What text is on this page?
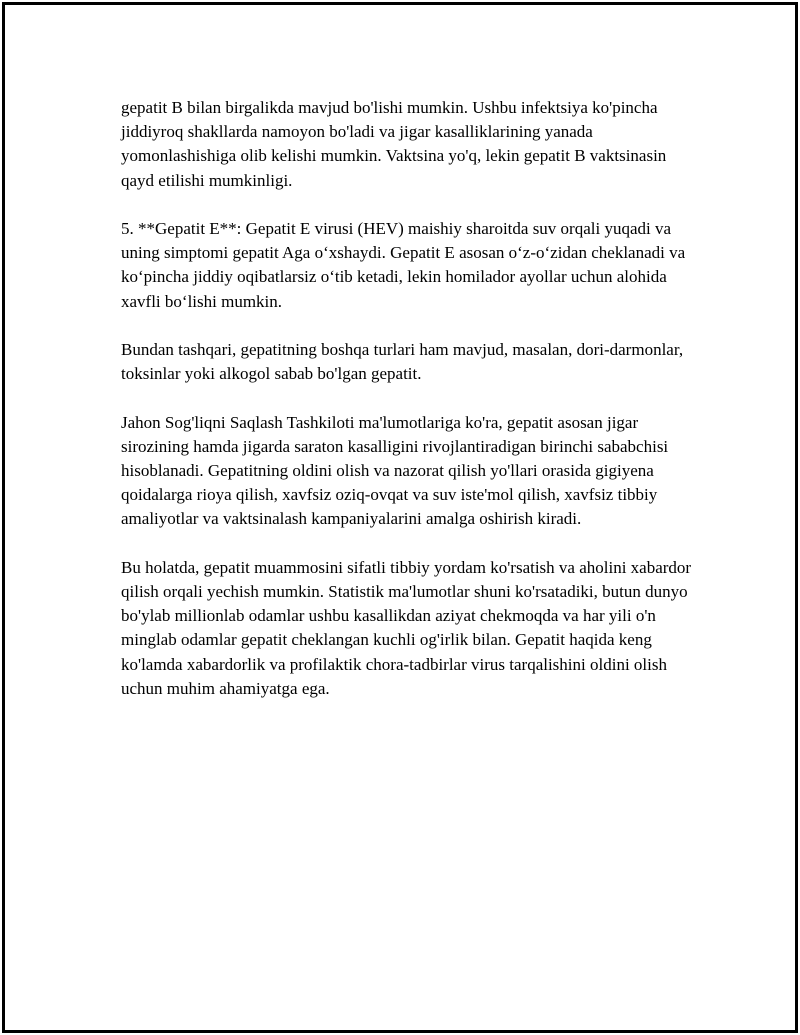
gepatit B bilan birgalikda mavjud bo'lishi mumkin. Ushbu infektsiya ko'pincha jiddiyroq shakllarda namoyon bo'ladi va jigar kasalliklarining yanada yomonlashishiga olib kelishi mumkin. Vaktsina yo'q, lekin gepatit B vaktsinasin qayd etilishi mumkinligi.

5. **Gepatit E**: Gepatit E virusi (HEV) maishiy sharoitda suv orqali yuqadi va uning simptomi gepatit Aga o‘xshaydi. Gepatit E asosan o‘z-o‘zidan cheklanadi va ko‘pincha jiddiy oqibatlarsiz o‘tib ketadi, lekin homilador ayollar uchun alohida xavfli bo‘lishi mumkin.

Bundan tashqari, gepatitning boshqa turlari ham mavjud, masalan, dori-darmonlar, toksinlar yoki alkogol sabab bo'lgan gepatit.

Jahon Sog'liqni Saqlash Tashkiloti ma'lumotlariga ko'ra, gepatit asosan jigar sirozining hamda jigarda saraton kasalligini rivojlantiradigan birinchi sababchisi hisoblanadi. Gepatitning oldini olish va nazorat qilish yo'llari orasida gigiyena qoidalarga rioya qilish, xavfsiz oziq-ovqat va suv iste'mol qilish, xavfsiz tibbiy amaliyotlar va vaktsinalash kampaniyalarini amalga oshirish kiradi.

Bu holatda, gepatit muammosini sifatli tibbiy yordam ko'rsatish va aholini xabardor qilish orqali yechish mumkin. Statistik ma'lumotlar shuni ko'rsatadiki, butun dunyo bo'ylab millionlab odamlar ushbu kasallikdan aziyat chekmoqda va har yili o'n minglab odamlar gepatit cheklangan kuchli og'irlik bilan. Gepatit haqida keng ko'lamda xabardorlik va profilaktik chora-tadbirlar virus tarqalishini oldini olish uchun muhim ahamiyatga ega.
